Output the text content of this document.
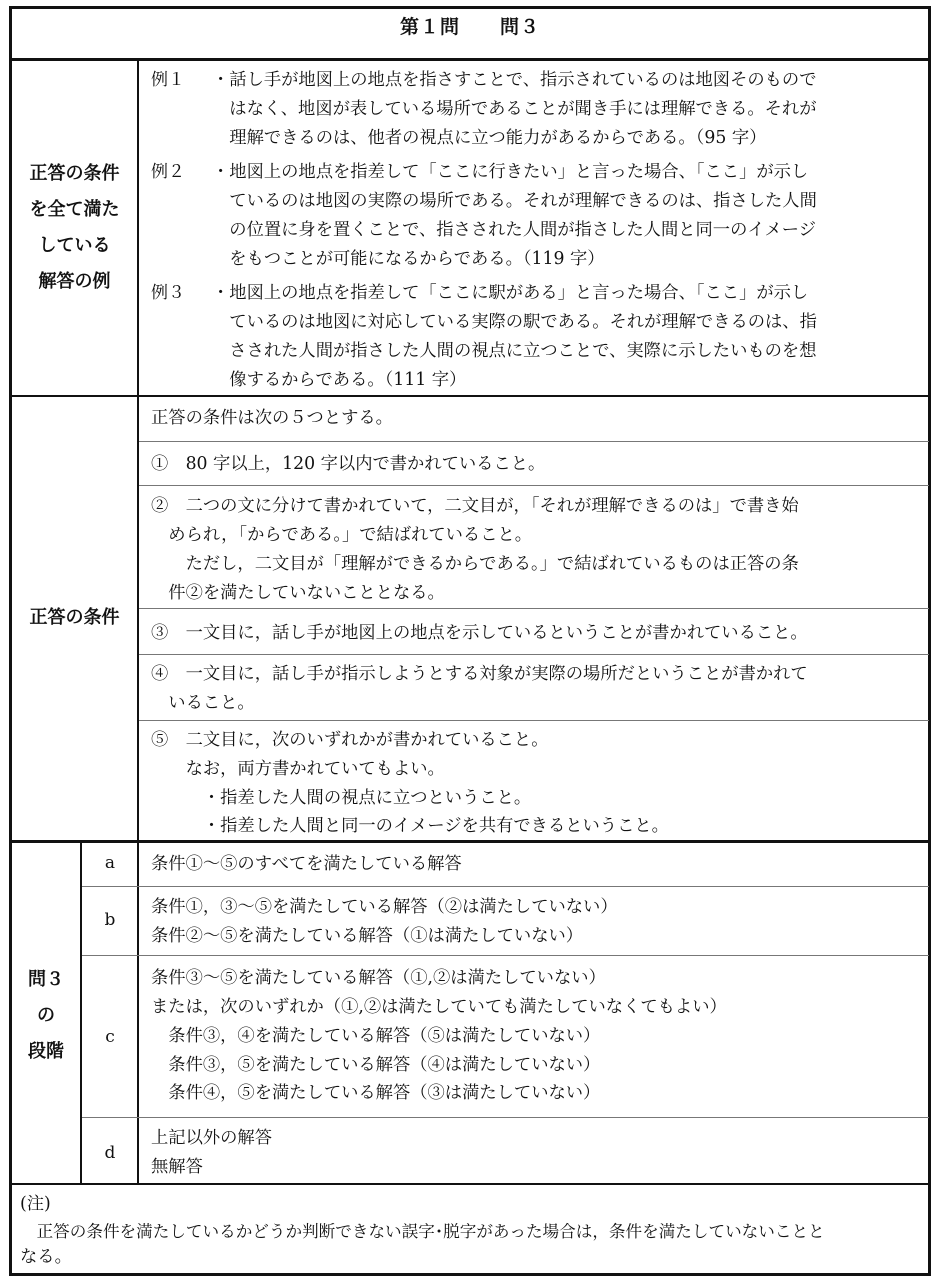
第１問　　問３
正答の条件
を全て満た
している
解答の例
例１ ・話し手が地図上の地点を指さすことで、指示されているのは地図そのもので
　はなく、地図が表している場所であることが聞き手には理解できる。それが
　理解できるのは、他者の視点に立つ能力があるからである。（95 字）
例２ ・地図上の地点を指差して「ここに行きたい」と言った場合、「ここ」が示し
　ているのは地図の実際の場所である。それが理解できるのは、指さした人間
　の位置に身を置くことで、指さされた人間が指さした人間と同一のイメージ
　をもつことが可能になるからである。（119 字）
例３ ・地図上の地点を指差して「ここに駅がある」と言った場合、「ここ」が示し
　ているのは地図に対応している実際の駅である。それが理解できるのは、指
　さされた人間が指さした人間の視点に立つことで、実際に示したいものを想
　像するからである。（111 字）
正答の条件
正答の条件は次の５つとする。
①　80 字以上，120 字以内で書かれていること。
②　二つの文に分けて書かれていて，二文目が，「それが理解できるのは」で書き始
　められ，「からである。」で結ばれていること。
　　ただし，二文目が「理解ができるからである。」で結ばれているものは正答の条
　件②を満たしていないこととなる。
③　一文目に，話し手が地図上の地点を示しているということが書かれていること。
④　一文目に，話し手が指示しようとする対象が実際の場所だということが書かれて
　いること。
⑤　二文目に，次のいずれかが書かれていること。
　　なお，両方書かれていてもよい。
　　　・指差した人間の視点に立つということ。
　　　・指差した人間と同一のイメージを共有できるということ。
問３
の
段階
a	条件①～⑤のすべてを満たしている解答
b
条件①，③～⑤を満たしている解答（②は満たしていない）
条件②～⑤を満たしている解答（①は満たしていない）
c
条件③～⑤を満たしている解答（①,②は満たしていない）
または，次のいずれか（①,②は満たしていても満たしていなくてもよい）
　条件③，④を満たしている解答（⑤は満たしていない）
　条件③，⑤を満たしている解答（④は満たしていない）
　条件④，⑤を満たしている解答（③は満たしていない）
d
上記以外の解答
無解答
(注)
　正答の条件を満たしているかどうか判断できない誤字･脱字があった場合は，条件を満たしていないことと
なる。
